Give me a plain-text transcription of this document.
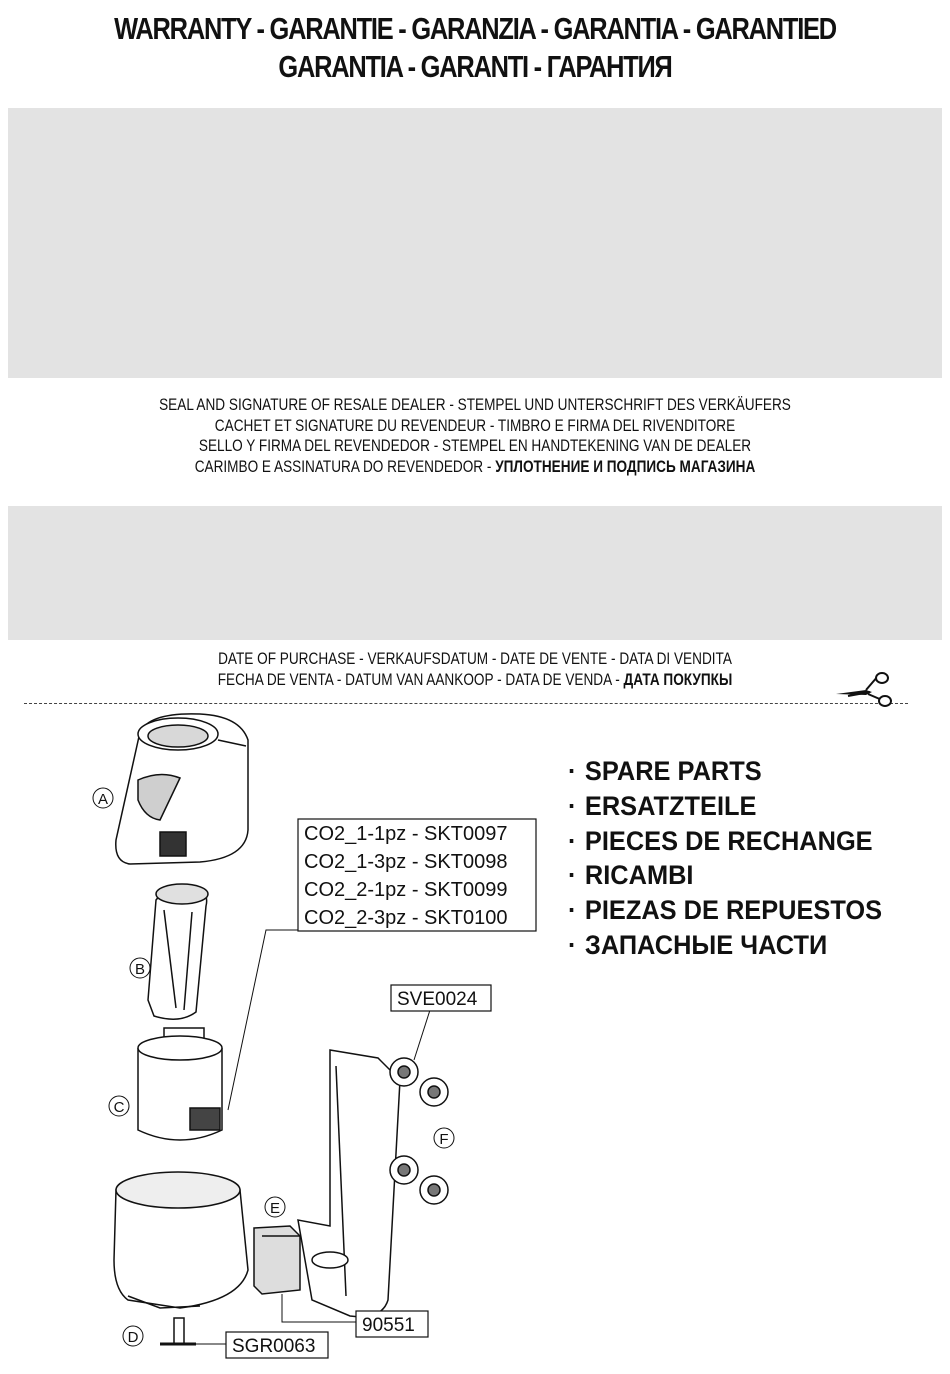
WARRANTY - GARANTIE - GARANZIA - GARANTIA - GARANTIED
GARANTIA - GARANTI - ГАРАНТИЯ
SEAL AND SIGNATURE OF RESALE DEALER - STEMPEL UND UNTERSCHRIFT DES VERKÄUFERS
CACHET ET SIGNATURE DU REVENDEUR - TIMBRO E FIRMA DEL RIVENDITORE
SELLO Y FIRMA DEL REVENDEDOR - STEMPEL EN HANDTEKENING VAN DE DEALER
CARIMBO E ASSINATURA DO REVENDEDOR - УПЛОТНЕНИЕ И ПОДПИСЬ МАГАЗИНА
DATE OF PURCHASE - VERKAUFSDATUM - DATE DE VENTE - DATA DI VENDITA
FECHA DE VENTA - DATUM VAN AANKOOP - DATA DE VENDA - ДАТА ПОКУПКЫ
· SPARE PARTS
· ERSATZTEILE
· PIECES DE RECHANGE
· RICAMBI
· PIEZAS DE REPUESTOS
· ЗАПАСНЫЕ ЧАСТИ
A
B
C
D
E
F
CO2_1-1pz - SKT0097
CO2_1-3pz - SKT0098
CO2_2-1pz - SKT0099
CO2_2-3pz - SKT0100
SVE0024
90551
SGR0063
